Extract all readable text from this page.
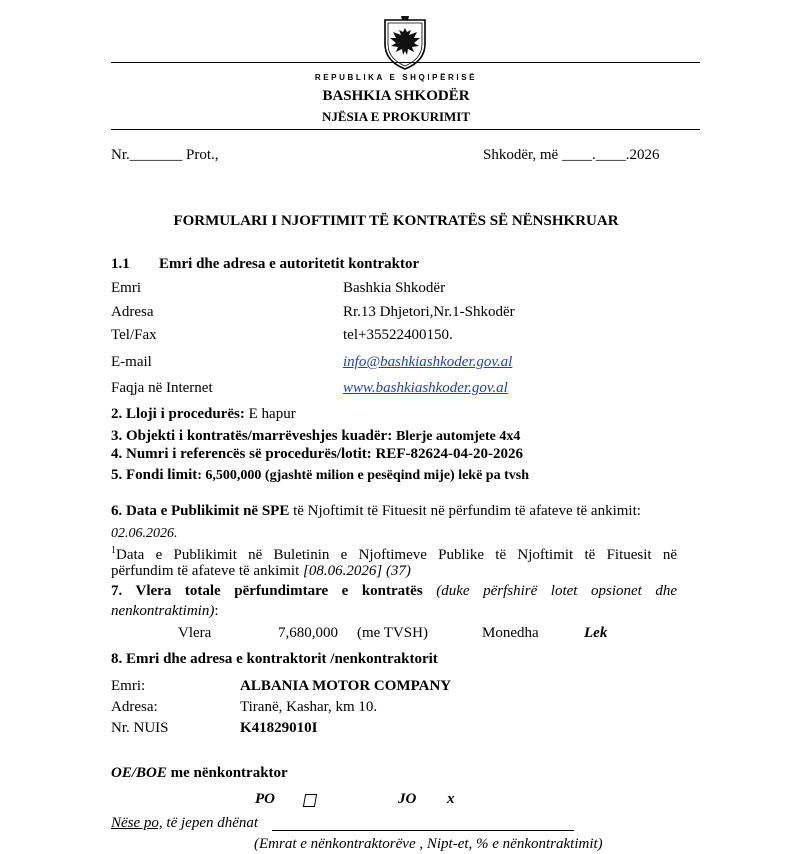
REPUBLIKA E SHQIPËRISË
BASHKIA SHKODËR
NJËSIA E PROKURIMIT
Nr._______ Prot.,	Shkodër, më ____.____.2026
FORMULARI I NJOFTIMIT TË KONTRATËS SË NËNSHKRUAR
1.1 Emri dhe adresa e autoritetit kontraktor
Emri	Bashkia Shkodër
Adresa	Rr.13 Dhjetori,Nr.1-Shkodër
Tel/Fax	tel+35522400150.
E-mail	info@bashkiashkoder.gov.al
Faqja në Internet	www.bashkiashkoder.gov.al
2. Lloji i procedurës: E hapur
3. Objekti i kontratës/marrëveshjes kuadër: Blerje automjete 4x4
4. Numri i referencës së procedurës/lotit: REF-82624-04-20-2026
5. Fondi limit: 6,500,000 (gjashtë milion e pesëqind mije) lekë pa tvsh
6. Data e Publikimit në SPE të Njoftimit të Fituesit në përfundim të afateve të ankimit:
02.06.2026.
$^1$Data e Publikimit në Buletinin e Njoftimeve Publike të Njoftimit të Fituesit në
përfundim të afateve të ankimit [08.06.2026] (37)
7. Vlera totale përfundimtare e kontratës (duke përfshirë lotet opsionet dhe
nenkontraktimin):
Vlera	7,680,000 (me TVSH)	Monedha	Lek
8. Emri dhe adresa e kontraktorit /nenkontraktorit
Emri:	ALBANIA MOTOR COMPANY
Adresa:	Tiranë, Kashar, km 10.
Nr. NUIS	K41829010I
OE/BOE me nënkontraktor
PO	JO x
Nëse po, të jepen dhënat
(Emrat e nënkontraktorëve , Nipt-et, % e nënkontraktimit)
